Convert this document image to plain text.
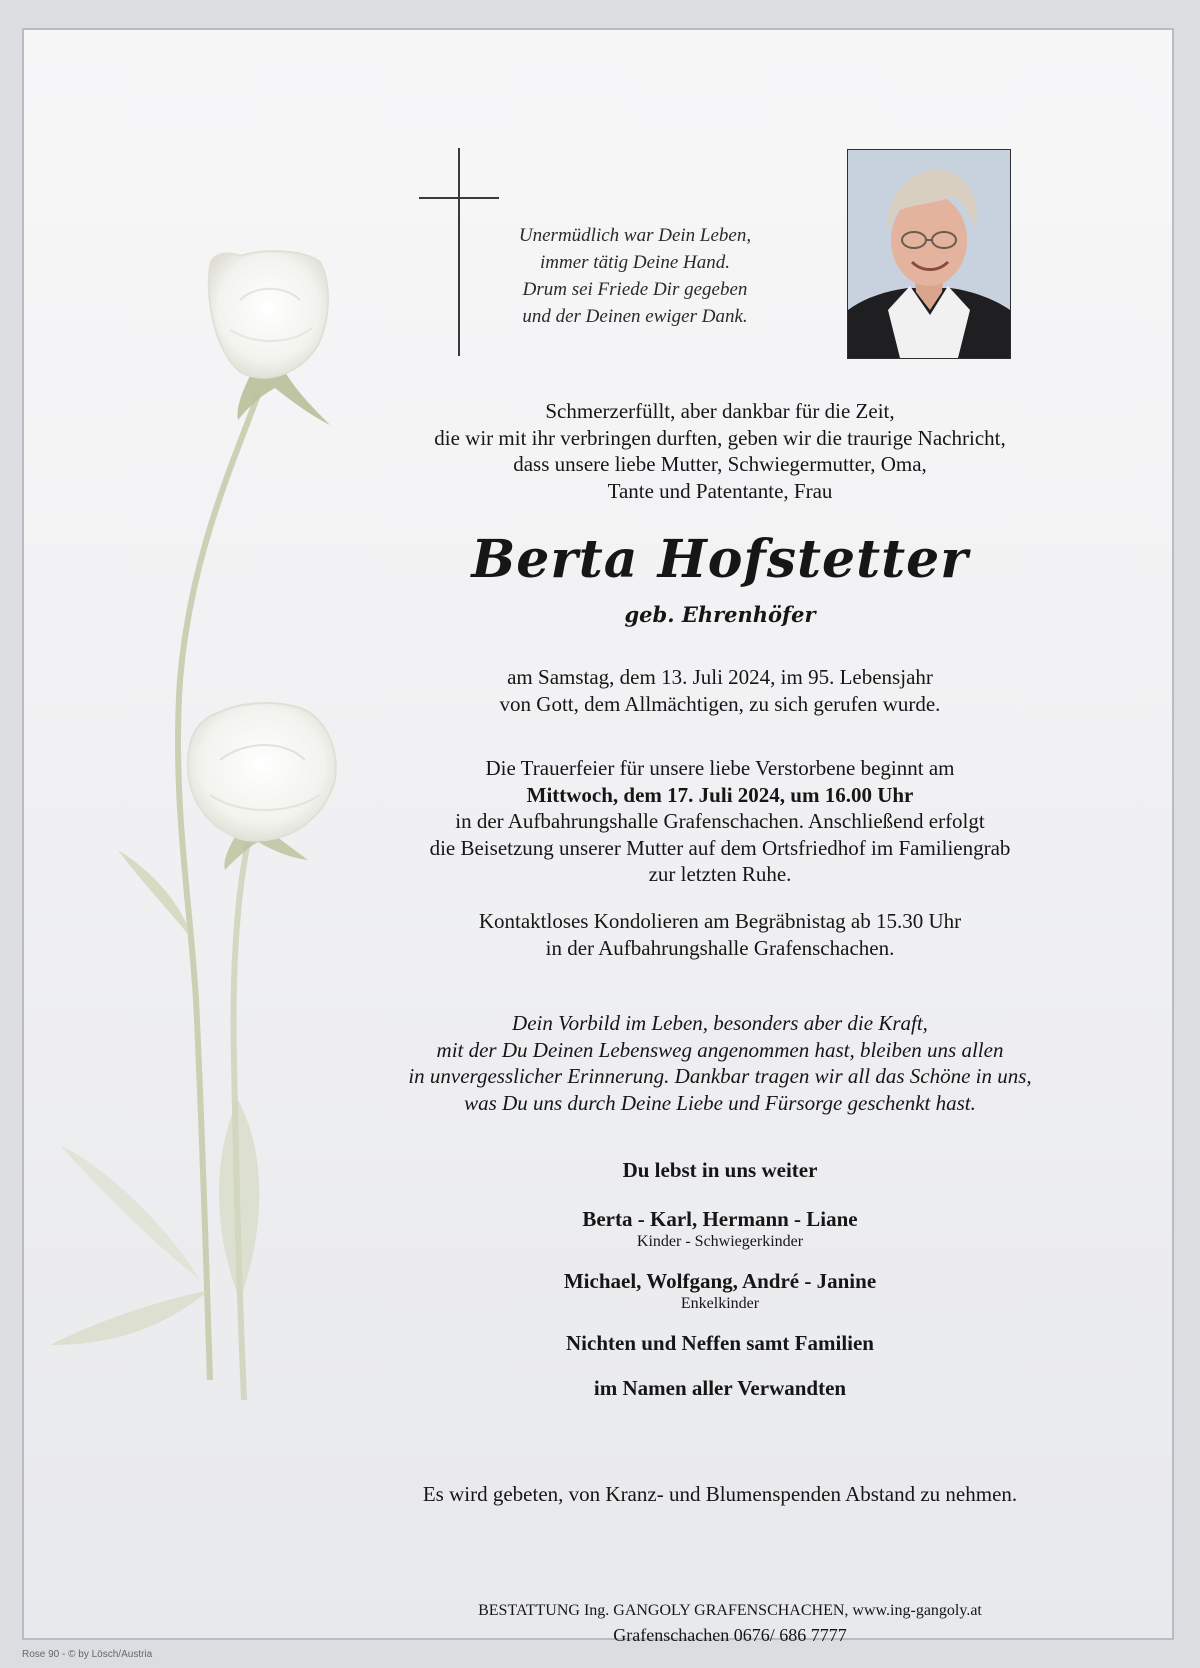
Unermüdlich war Dein Leben,
immer tätig Deine Hand.
Drum sei Friede Dir gegeben
und der Deinen ewiger Dank.
Schmerzerfüllt, aber dankbar für die Zeit,
die wir mit ihr verbringen durften, geben wir die traurige Nachricht,
dass unsere liebe Mutter, Schwiegermutter, Oma,
Tante und Patentante, Frau
Berta Hofstetter
geb. Ehrenhöfer
am Samstag, dem 13. Juli 2024, im 95. Lebensjahr
von Gott, dem Allmächtigen, zu sich gerufen wurde.
Die Trauerfeier für unsere liebe Verstorbene beginnt am
Mittwoch, dem 17. Juli 2024, um 16.00 Uhr
in der Aufbahrungshalle Grafenschachen. Anschließend erfolgt
die Beisetzung unserer Mutter auf dem Ortsfriedhof im Familiengrab
zur letzten Ruhe.
Kontaktloses Kondolieren am Begräbnistag ab 15.30 Uhr
in der Aufbahrungshalle Grafenschachen.
Dein Vorbild im Leben, besonders aber die Kraft,
mit der Du Deinen Lebensweg angenommen hast, bleiben uns allen
in unvergesslicher Erinnerung. Dankbar tragen wir all das Schöne in uns,
was Du uns durch Deine Liebe und Fürsorge geschenkt hast.
Du lebst in uns weiter
Berta - Karl, Hermann - Liane
Kinder - Schwiegerkinder
Michael, Wolfgang, André - Janine
Enkelkinder
Nichten und Neffen samt Familien
im Namen aller Verwandten
Es wird gebeten, von Kranz- und Blumenspenden Abstand zu nehmen.
BESTATTUNG Ing. GANGOLY GRAFENSCHACHEN, www.ing-gangoly.at
Grafenschachen 0676/ 686 7777
Rose 90 - © by Lösch/Austria
